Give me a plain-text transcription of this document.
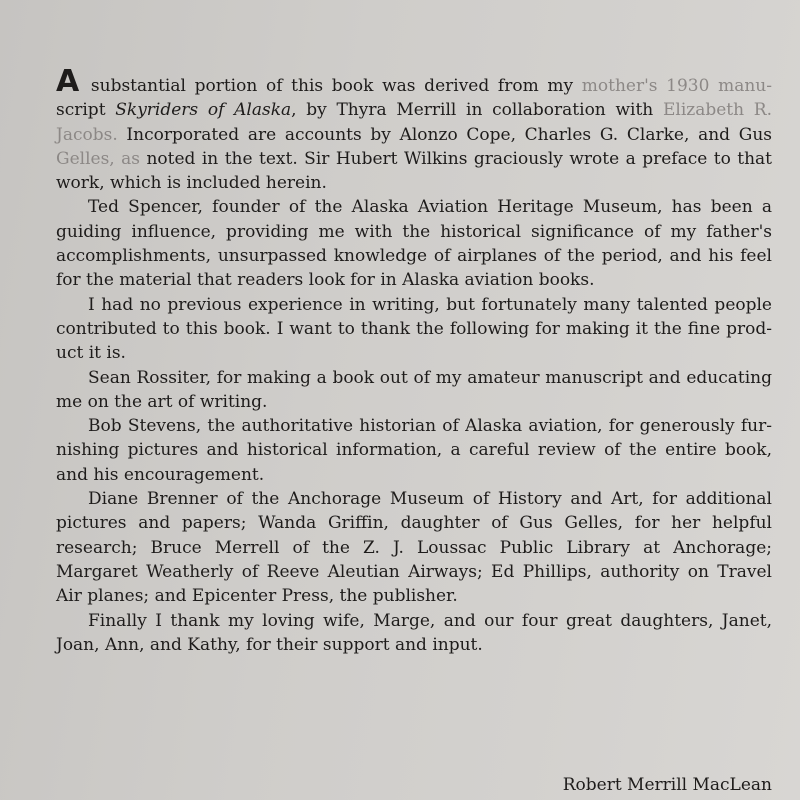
A substantial portion of this book was derived from my mother's 1930 manu-script Skyriders of Alaska, by Thyra Merrill in collaboration with Elizabeth R. Jacobs. Incorporated are accounts by Alonzo Cope, Charles G. Clarke, and Gus Gelles, as noted in the text. Sir Hubert Wilkins graciously wrote a preface to that work, which is included herein.

Ted Spencer, founder of the Alaska Aviation Heritage Museum, has been a guiding influence, providing me with the historical significance of my father's accomplishments, unsurpassed knowledge of airplanes of the period, and his feel for the material that readers look for in Alaska aviation books.

I had no previous experience in writing, but fortunately many talented people contributed to this book. I want to thank the following for making it the fine product it is.

Sean Rossiter, for making a book out of my amateur manuscript and educating me on the art of writing.

Bob Stevens, the authoritative historian of Alaska aviation, for generously furnishing pictures and historical information, a careful review of the entire book, and his encouragement.

Diane Brenner of the Anchorage Museum of History and Art, for additional pictures and papers; Wanda Griffin, daughter of Gus Gelles, for her helpful research; Bruce Merrell of the Z. J. Loussac Public Library at Anchorage; Margaret Weatherly of Reeve Aleutian Airways; Ed Phillips, authority on Travel Air planes; and Epicenter Press, the publisher.

Finally I thank my loving wife, Marge, and our four great daughters, Janet, Joan, Ann, and Kathy, for their support and input.

Robert Merrill MacLean
